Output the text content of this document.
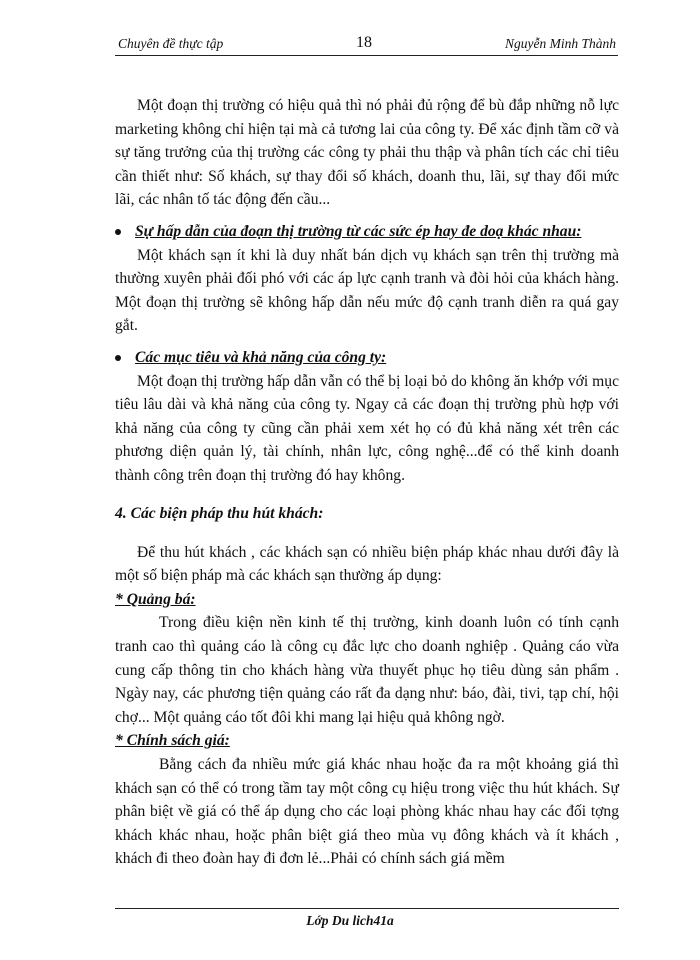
Chuyên đề thực tập	18	Nguyễn Minh Thành

Một đoạn thị trường có hiệu quả thì nó phải đủ rộng để bù đắp những nỗ lực marketing không chỉ hiện tại mà cả tương lai của công ty. Để xác định tầm cỡ và sự tăng trưởng của thị trường các công ty phải thu thập và phân tích các chỉ tiêu cần thiết như: Số khách, sự thay đổi số khách, doanh thu, lãi, sự thay đổi mức lãi, các nhân tố tác động đến cầu...

Sự hấp dẫn của đoạn thị trường từ các sức ép hay đe doạ khác nhau:

Một khách sạn ít khi là duy nhất bán dịch vụ khách sạn trên thị trường mà thường xuyên phải đối phó với các áp lực cạnh tranh và đòi hỏi của khách hàng. Một đoạn thị trường sẽ không hấp dẫn nếu mức độ cạnh tranh diễn ra quá gay gắt.

Các mục tiêu và khả năng của công ty:

Một đoạn thị trường hấp dẫn vẫn có thể bị loại bỏ do không ăn khớp với mục tiêu lâu dài và khả năng của công ty. Ngay cả các đoạn thị trường phù hợp với khả năng của công ty cũng cần phải xem xét họ có đủ khả năng xét trên các phương diện quản lý, tài chính, nhân lực, công nghệ...để có thể kinh doanh thành công trên đoạn thị trường đó hay không.

4. Các biện pháp thu hút khách:

Để thu hút khách , các khách sạn có nhiều biện pháp khác nhau dưới đây là một số biện pháp mà các khách sạn thường áp dụng:

* Quảng bá:

Trong điều kiện nền kinh tế thị trường, kinh doanh luôn có tính cạnh tranh cao thì quảng cáo là công cụ đắc lực cho doanh nghiệp . Quảng cáo vừa cung cấp thông tin cho khách hàng vừa thuyết phục họ tiêu dùng sản phẩm . Ngày nay, các phương tiện quảng cáo rất đa dạng như: báo, đài, tivi, tạp chí, hội chợ... Một quảng cáo tốt đôi khi mang lại hiệu quả không ngờ.

* Chính sách giá:

Bằng cách đa nhiều mức giá khác nhau hoặc đa ra một khoảng giá thì khách sạn có thể có trong tầm tay một công cụ hiệu trong việc thu hút khách. Sự phân biệt về giá có thể áp dụng cho các loại phòng khác nhau hay các đối tợng khách khác nhau, hoặc phân biệt giá theo mùa vụ đông khách và ít khách , khách đi theo đoàn hay đi đơn lẻ...Phải có chính sách giá mềm

Lớp Du lich41a
